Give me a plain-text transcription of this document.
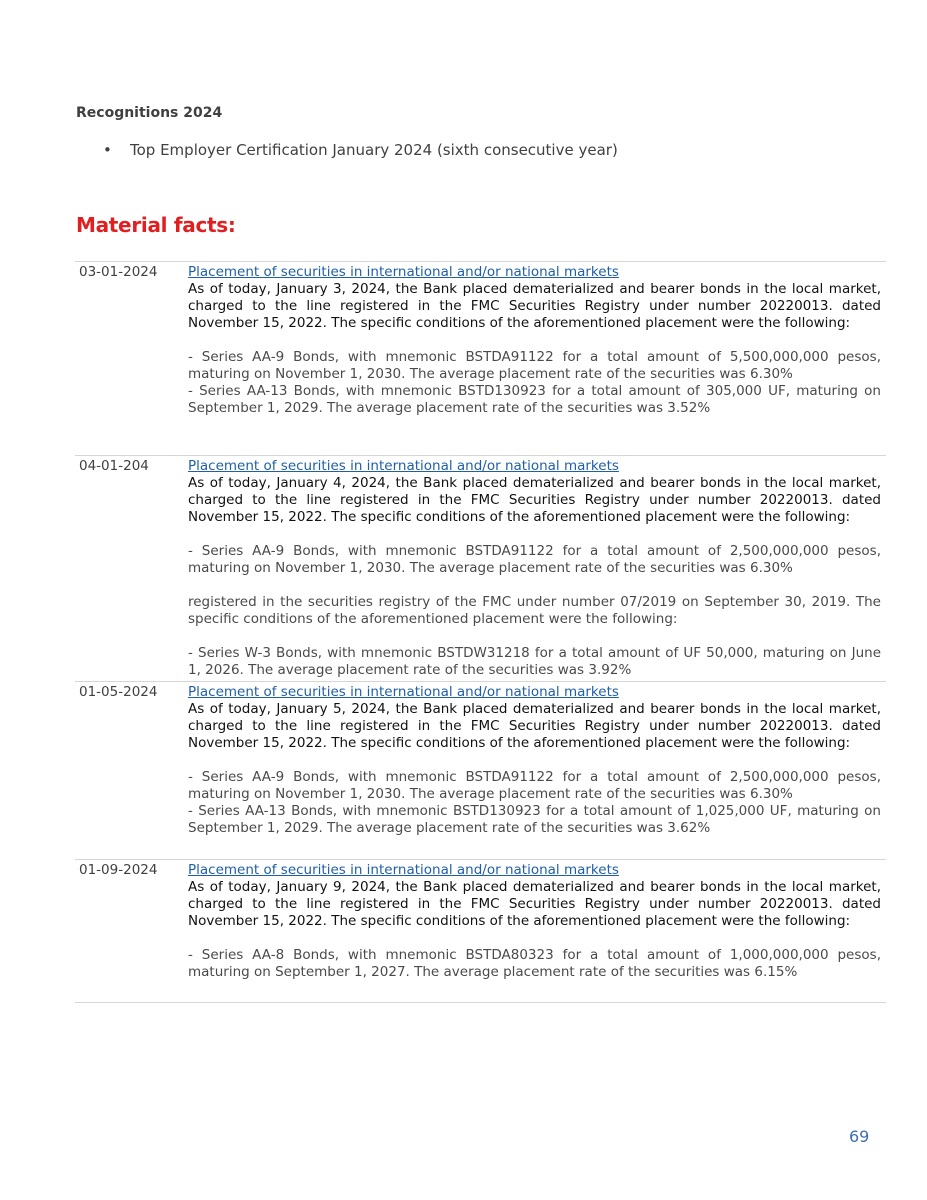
Recognitions 2024
• Top Employer Certification January 2024 (sixth consecutive year)
Material facts:
03-01-2024 Placement of securities in international and/or national markets

As of today, January 3, 2024, the Bank placed dematerialized and bearer bonds in the local market, charged to the line registered in the FMC Securities Registry under number 20220013. dated November 15, 2022. The specific conditions of the aforementioned placement were the following:

- Series AA-9 Bonds, with mnemonic BSTDA91122 for a total amount of 5,500,000,000 pesos, maturing on November 1, 2030. The average placement rate of the securities was 6.30%

- Series AA-13 Bonds, with mnemonic BSTD130923 for a total amount of 305,000 UF, maturing on September 1, 2029. The average placement rate of the securities was 3.52%

04-01-204	Placement of securities in international and/or national markets

As of today, January 4, 2024, the Bank placed dematerialized and bearer bonds in the local market, charged to the line registered in the FMC Securities Registry under number 20220013. dated November 15, 2022. The specific conditions of the aforementioned placement were the following:

- Series AA-9 Bonds, with mnemonic BSTDA91122 for a total amount of 2,500,000,000 pesos, maturing on November 1, 2030. The average placement rate of the securities was 6.30%

registered in the securities registry of the FMC under number 07/2019 on September 30, 2019. The specific conditions of the aforementioned placement were the following:

- Series W-3 Bonds, with mnemonic BSTDW31218 for a total amount of UF 50,000, maturing on June 1, 2026. The average placement rate of the securities was 3.92%

01-05-2024 Placement of securities in international and/or national markets

As of today, January 5, 2024, the Bank placed dematerialized and bearer bonds in the local market, charged to the line registered in the FMC Securities Registry under number 20220013. dated November 15, 2022. The specific conditions of the aforementioned placement were the following:

- Series AA-9 Bonds, with mnemonic BSTDA91122 for a total amount of 2,500,000,000 pesos, maturing on November 1, 2030. The average placement rate of the securities was 6.30%

- Series AA-13 Bonds, with mnemonic BSTD130923 for a total amount of 1,025,000 UF, maturing on September 1, 2029. The average placement rate of the securities was 3.62%

01-09-2024 Placement of securities in international and/or national markets

As of today, January 9, 2024, the Bank placed dematerialized and bearer bonds in the local market, charged to the line registered in the FMC Securities Registry under number 20220013. dated November 15, 2022. The specific conditions of the aforementioned placement were the following:

- Series AA-8 Bonds, with mnemonic BSTDA80323 for a total amount of 1,000,000,000 pesos, maturing on September 1, 2027. The average placement rate of the securities was 6.15%

69
